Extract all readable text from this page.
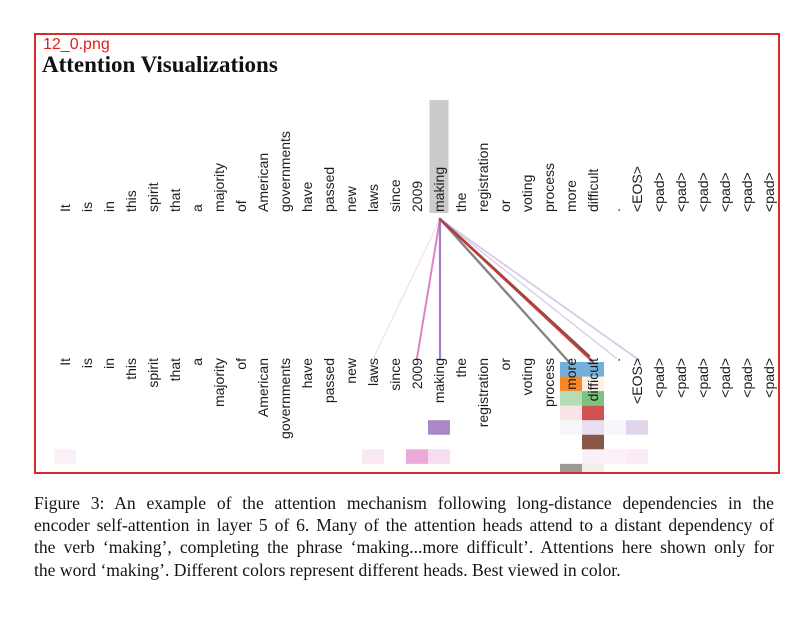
12_0.png
Attention Visualizations
It
It
is
is
in
in
this
this
spirit
spirit
that
that
a
a
majority
majority
of
of
American
American
governments
governments
have
have
passed
passed
new
new
laws
laws
since
since
2009
2009
making
making
the
the
registration
registration
or
or
voting
voting
process
process
more
more
difficult
difficult
.
.
<EOS>
<EOS>
<pad>
<pad>
<pad>
<pad>
<pad>
<pad>
<pad>
<pad>
<pad>
<pad>
<pad>
<pad>
Figure 3: An example of the attention mechanism following long-distance dependencies in the
encoder self-attention in layer 5 of 6. Many of the attention heads attend to a distant dependency of
the verb ‘making’, completing the phrase ‘making...more difficult’. Attentions here shown only for
the word ‘making’. Different colors represent different heads. Best viewed in color.
